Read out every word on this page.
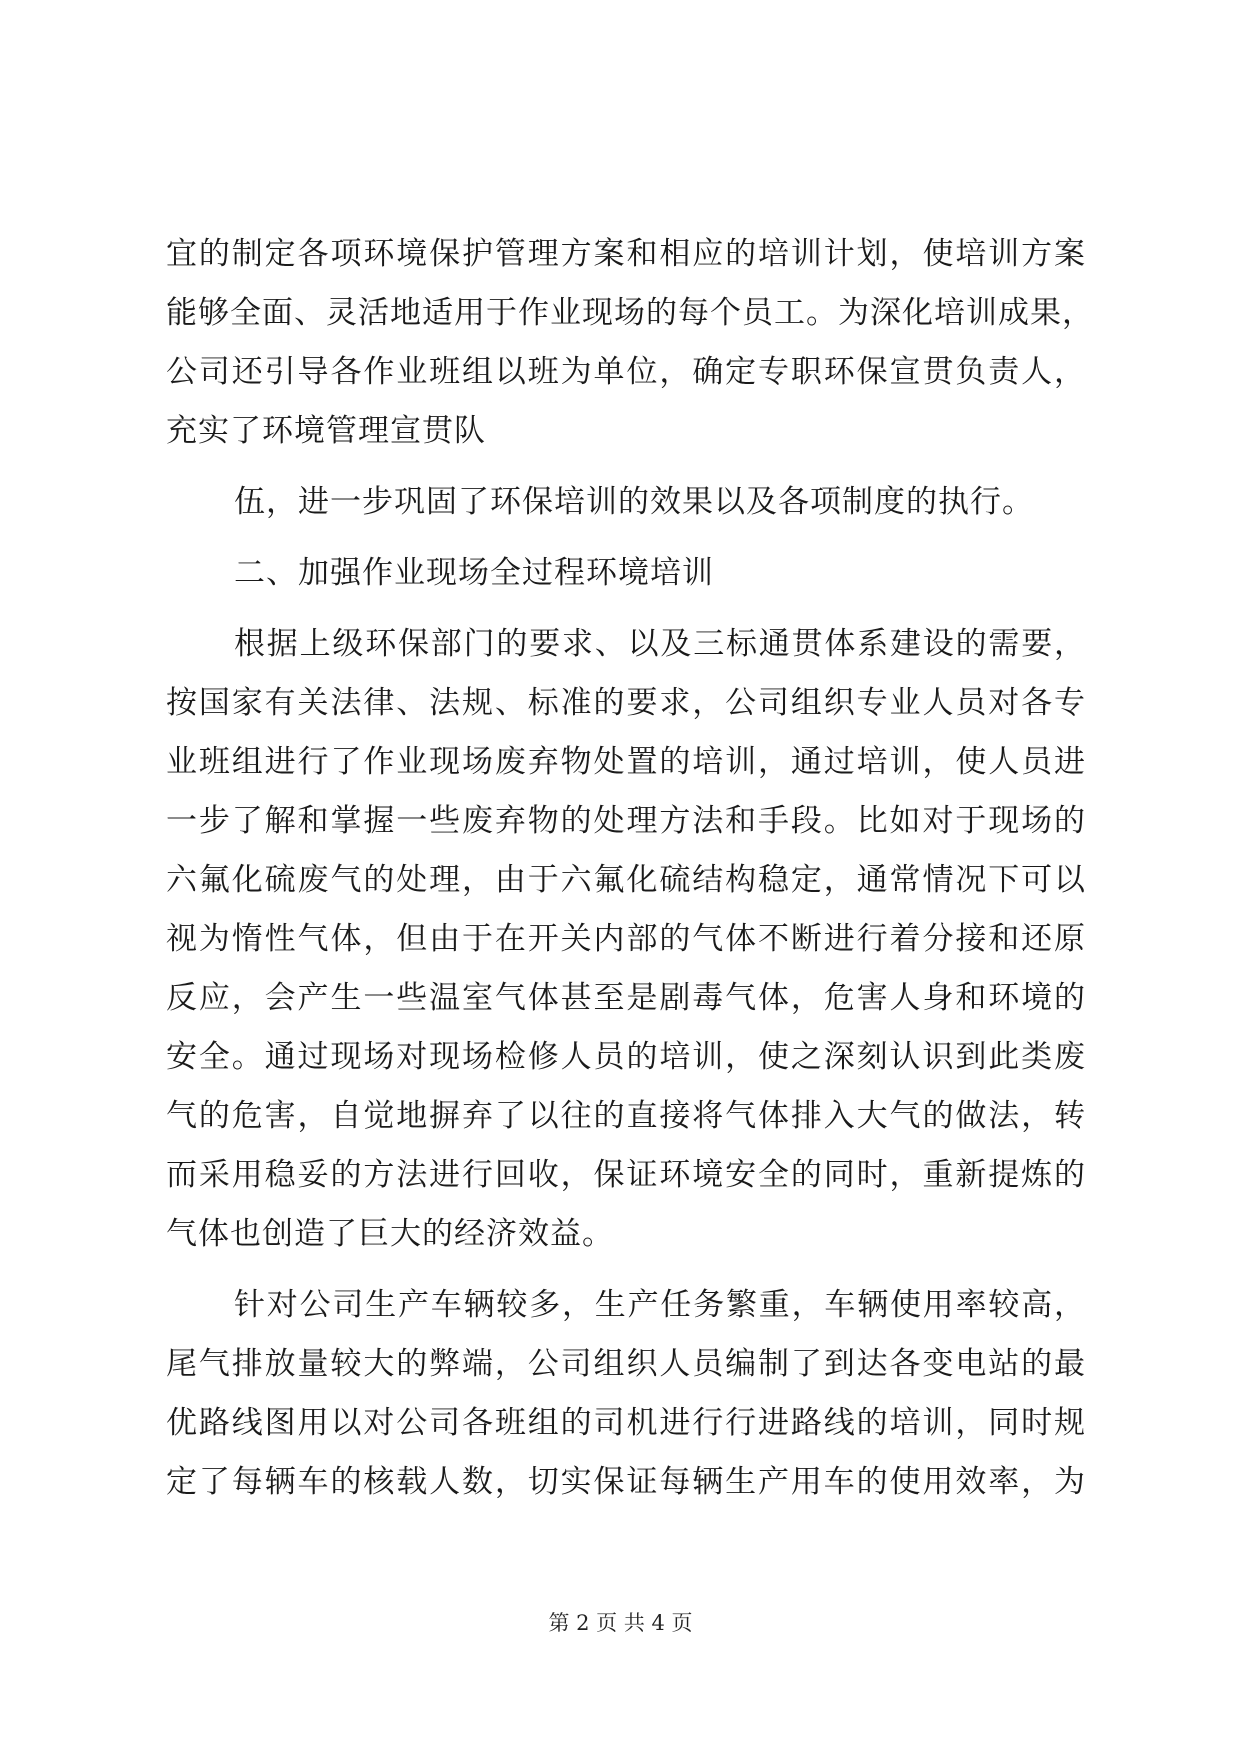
宜的制定各项环境保护管理方案和相应的培训计划，使培训方案
能够全面、灵活地适用于作业现场的每个员工。为深化培训成果，
公司还引导各作业班组以班为单位，确定专职环保宣贯负责人，
充实了环境管理宣贯队
伍，进一步巩固了环保培训的效果以及各项制度的执行。
二、加强作业现场全过程环境培训
根据上级环保部门的要求、以及三标通贯体系建设的需要，
按国家有关法律、法规、标准的要求，公司组织专业人员对各专
业班组进行了作业现场废弃物处置的培训，通过培训，使人员进
一步了解和掌握一些废弃物的处理方法和手段。比如对于现场的
六氟化硫废气的处理，由于六氟化硫结构稳定，通常情况下可以
视为惰性气体，但由于在开关内部的气体不断进行着分接和还原
反应，会产生一些温室气体甚至是剧毒气体，危害人身和环境的
安全。通过现场对现场检修人员的培训，使之深刻认识到此类废
气的危害，自觉地摒弃了以往的直接将气体排入大气的做法，转
而采用稳妥的方法进行回收，保证环境安全的同时，重新提炼的
气体也创造了巨大的经济效益。
针对公司生产车辆较多，生产任务繁重，车辆使用率较高，
尾气排放量较大的弊端，公司组织人员编制了到达各变电站的最
优路线图用以对公司各班组的司机进行行进路线的培训，同时规
定了每辆车的核载人数，切实保证每辆生产用车的使用效率，为
第 2 页 共 4 页
